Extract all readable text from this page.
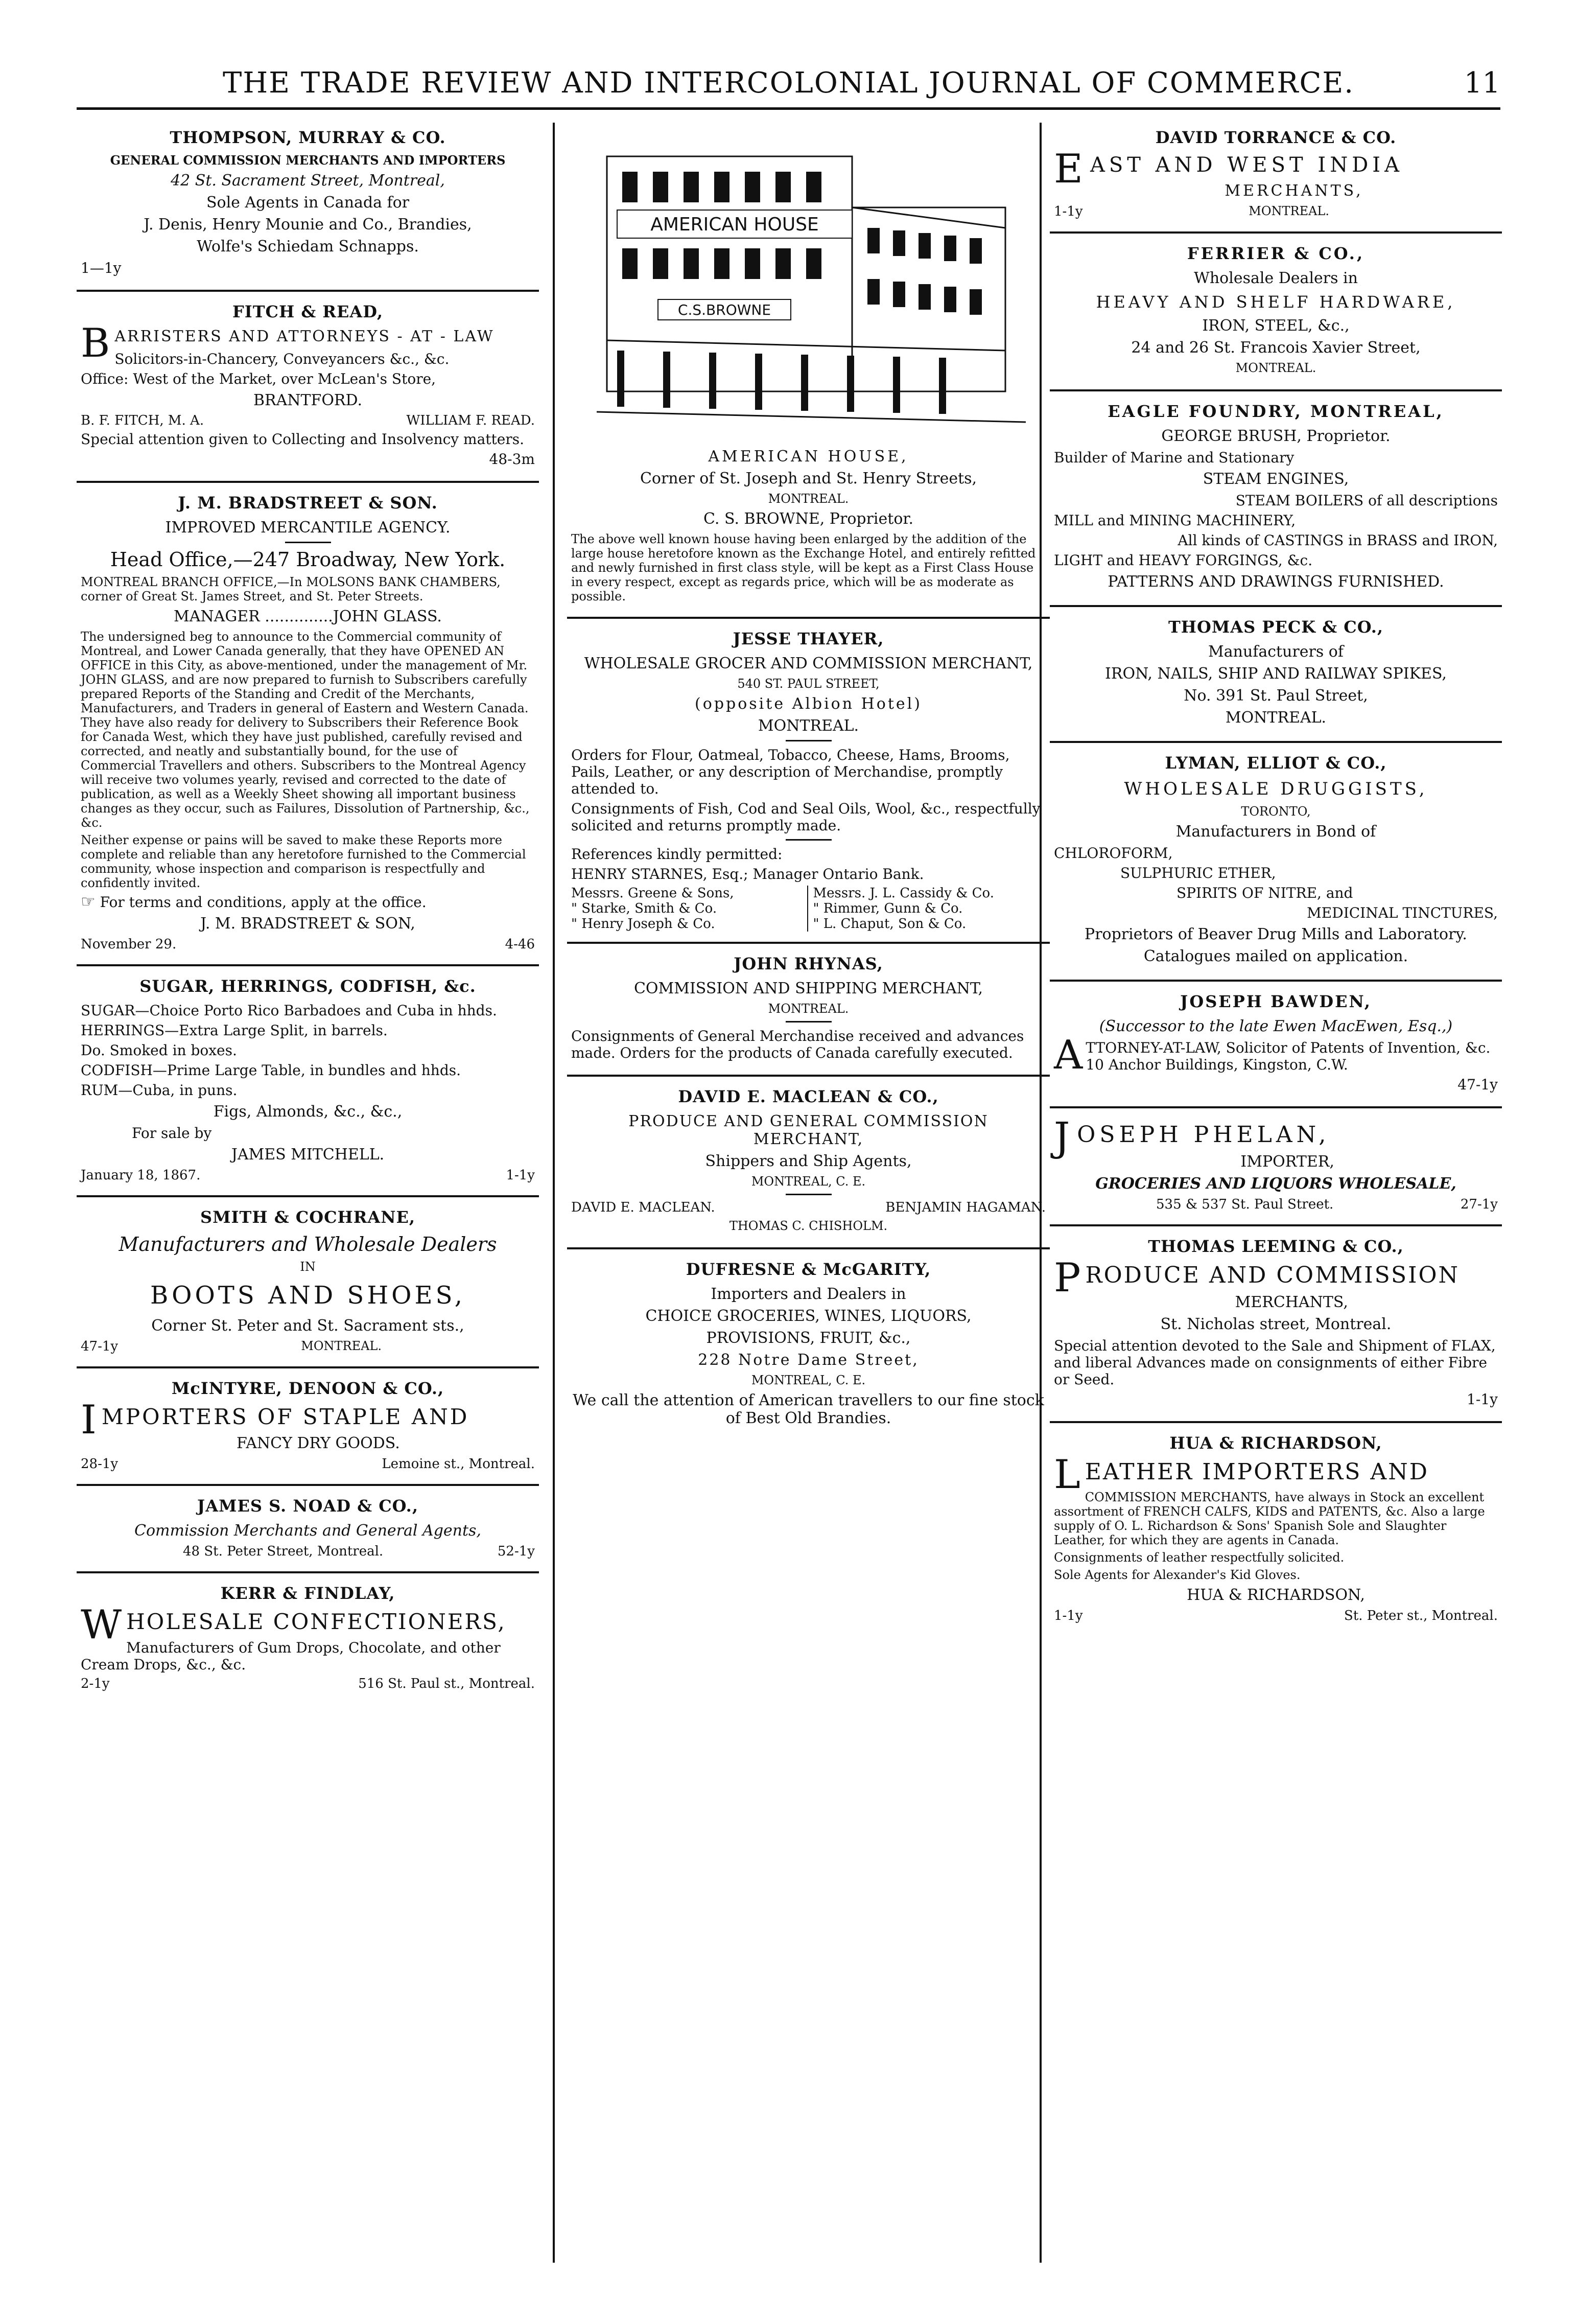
THE TRADE REVIEW AND INTERCOLONIAL JOURNAL OF COMMERCE.	11
THOMPSON, MURRAY & CO.
GENERAL COMMISSION MERCHANTS AND IMPORTERS
42 St. Sacrament Street, Montreal,
Sole Agents in Canada for
J. Denis, Henry Mounie and Co., Brandies,
Wolfe's Schiedam Schnapps.
1—1y
FITCH & READ,
BARRISTERS AND ATTORNEYS - AT - LAW
Solicitors-in-Chancery, Conveyancers &c., &c.
Office: West of the Market, over McLean's Store,
BRANTFORD.
B. F. FITCH, M. A.	WILLIAM F. READ.
Special attention given to Collecting and Insolvency matters.
48-3m
J. M. BRADSTREET & SON.
IMPROVED MERCANTILE AGENCY.
Head Office,—247 Broadway, New York.
MONTREAL BRANCH OFFICE,—In MOLSONS BANK CHAMBERS, corner of Great St. James Street, and St. Peter Streets.
MANAGER ..............JOHN GLASS.
The undersigned beg to announce to the Commercial community of Montreal, and Lower Canada generally, that they have OPENED AN OFFICE in this City, as above-mentioned, under the management of Mr. JOHN GLASS, and are now prepared to furnish to Subscribers carefully prepared Reports of the Standing and Credit of the Merchants, Manufacturers, and Traders in general of Eastern and Western Canada. They have also ready for delivery to Subscribers their Reference Book for Canada West, which they have just published, carefully revised and corrected, and neatly and substantially bound, for the use of Commercial Travellers and others. Subscribers to the Montreal Agency will receive two volumes yearly, revised and corrected to the date of publication, as well as a Weekly Sheet showing all important business changes as they occur, such as Failures, Dissolution of Partnership, &c., &c.
Neither expense or pains will be saved to make these Reports more complete and reliable than any heretofore furnished to the Commercial community, whose inspection and comparison is respectfully and confidently invited.
☞ For terms and conditions, apply at the office.
J. M. BRADSTREET & SON,
November 29.	4-46
SUGAR, HERRINGS, CODFISH, &c.
SUGAR—Choice Porto Rico Barbadoes and Cuba in hhds.
HERRINGS—Extra Large Split, in barrels.
Do. Smoked in boxes.
CODFISH—Prime Large Table, in bundles and hhds.
RUM—Cuba, in puns.
Figs, Almonds, &c., &c.,
For sale by
JAMES MITCHELL.
January 18, 1867.	1-1y
SMITH & COCHRANE,
Manufacturers and Wholesale Dealers
IN
BOOTS AND SHOES,
Corner St. Peter and St. Sacrament sts.,
47-1y	MONTREAL.
McINTYRE, DENOON & CO.,
IMPORTERS OF STAPLE AND
FANCY DRY GOODS.
28-1y	Lemoine st., Montreal.
JAMES S. NOAD & CO.,
Commission Merchants and General Agents,
48 St. Peter Street, Montreal.	52-1y
KERR & FINDLAY,
WHOLESALE CONFECTIONERS,
Manufacturers of Gum Drops, Chocolate, and other Cream Drops, &c., &c.
2-1y	516 St. Paul st., Montreal.
AMERICAN HOUSE
C.S.BROWNE
AMERICAN HOUSE,
Corner of St. Joseph and St. Henry Streets,
MONTREAL.
C. S. BROWNE, Proprietor.
The above well known house having been enlarged by the addition of the large house heretofore known as the Exchange Hotel, and entirely refitted and newly furnished in first class style, will be kept as a First Class House in every respect, except as regards price, which will be as moderate as possible.
JESSE THAYER,
WHOLESALE GROCER AND COMMISSION MERCHANT,
540 ST. PAUL STREET,
(opposite Albion Hotel)
MONTREAL.
Orders for Flour, Oatmeal, Tobacco, Cheese, Hams, Brooms, Pails, Leather, or any description of Merchandise, promptly attended to.
Consignments of Fish, Cod and Seal Oils, Wool, &c., respectfully solicited and returns promptly made.
References kindly permitted:
HENRY STARNES, Esq.; Manager Ontario Bank.
Messrs. Greene & Sons,
" Starke, Smith & Co.
" Henry Joseph & Co.
Messrs. J. L. Cassidy & Co.
" Rimmer, Gunn & Co.
" L. Chaput, Son & Co.
JOHN RHYNAS,
COMMISSION AND SHIPPING MERCHANT,
MONTREAL.
Consignments of General Merchandise received and advances made. Orders for the products of Canada carefully executed.
DAVID E. MACLEAN & CO.,
PRODUCE AND GENERAL COMMISSION MERCHANT,
Shippers and Ship Agents,
MONTREAL, C. E.
DAVID E. MACLEAN.	BENJAMIN HAGAMAN.
THOMAS C. CHISHOLM.
DUFRESNE & McGARITY,
Importers and Dealers in
CHOICE GROCERIES, WINES, LIQUORS,
PROVISIONS, FRUIT, &c.,
228 Notre Dame Street,
MONTREAL, C. E.
We call the attention of American travellers to our fine stock of Best Old Brandies.
DAVID TORRANCE & CO.
EAST AND WEST INDIA
MERCHANTS,
1-1y	MONTREAL.
FERRIER & CO.,
Wholesale Dealers in
HEAVY AND SHELF HARDWARE,
IRON, STEEL, &c.,
24 and 26 St. Francois Xavier Street,
MONTREAL.
EAGLE FOUNDRY, MONTREAL,
GEORGE BRUSH, Proprietor.
Builder of Marine and Stationary
STEAM ENGINES,
STEAM BOILERS of all descriptions
MILL and MINING MACHINERY,
All kinds of CASTINGS in BRASS and IRON,
LIGHT and HEAVY FORGINGS, &c.
PATTERNS AND DRAWINGS FURNISHED.
THOMAS PECK & CO.,
Manufacturers of
IRON, NAILS, SHIP AND RAILWAY SPIKES,
No. 391 St. Paul Street,
MONTREAL.
LYMAN, ELLIOT & CO.,
WHOLESALE DRUGGISTS,
TORONTO,
Manufacturers in Bond of
CHLOROFORM,
SULPHURIC ETHER,
SPIRITS OF NITRE, and
MEDICINAL TINCTURES,
Proprietors of Beaver Drug Mills and Laboratory.
Catalogues mailed on application.
JOSEPH BAWDEN,
(Successor to the late Ewen MacEwen, Esq.,)
ATTORNEY-AT-LAW, Solicitor of Patents of Invention, &c. 10 Anchor Buildings, Kingston, C.W.
47-1y
JOSEPH PHELAN,
IMPORTER,
GROCERIES AND LIQUORS WHOLESALE,
535 & 537 St. Paul Street.	27-1y
THOMAS LEEMING & CO.,
PRODUCE AND COMMISSION
MERCHANTS,
St. Nicholas street, Montreal.
Special attention devoted to the Sale and Shipment of FLAX, and liberal Advances made on consignments of either Fibre or Seed.
1-1y
HUA & RICHARDSON,
LEATHER IMPORTERS AND
COMMISSION MERCHANTS, have always in Stock an excellent assortment of FRENCH CALFS, KIDS and PATENTS, &c. Also a large supply of O. L. Richardson & Sons' Spanish Sole and Slaughter Leather, for which they are agents in Canada.
Consignments of leather respectfully solicited.
Sole Agents for Alexander's Kid Gloves.
HUA & RICHARDSON,
1-1y	St. Peter st., Montreal.
